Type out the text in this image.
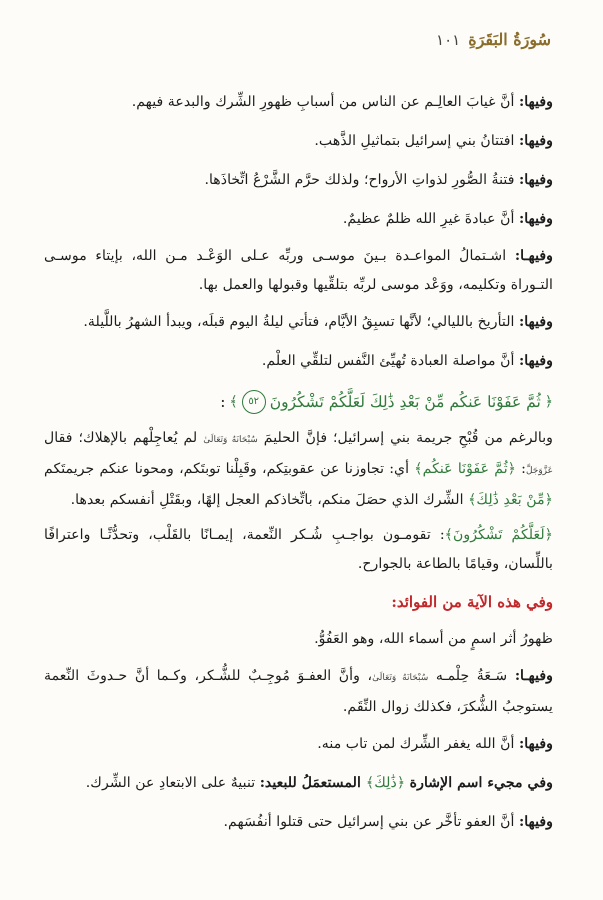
سُورَةُ البَقَرَةِ
١٠١

وفيها: أنَّ غيابَ العالِـم عن الناس من أسبابِ ظهورِ الشِّرك والبدعة فيهم.

وفيها: افتتانُ بني إسرائيل بتماثيلِ الذَّهب.

وفيها: فتنةُ الصُّورِ لذواتِ الأرواح؛ ولذلك حرَّم الشَّرْعُ اتِّخاذَها.

وفيها: أنَّ عبادةَ غيرِ الله ظلمٌ عظيمٌ.

وفيهـا: اشـتمالُ المواعـدة بـينَ موسـى وربِّه عـلى الوَعْـد مـن الله، بإيتاء موسـى التـوراة وتكليمه، ووَعْد موسى لربِّه بتلقِّيها وقبولها والعمل بها.

وفيها: التأريخ بالليالي؛ لأنَّها تسبِقُ الأيَّام، فتأتي ليلةُ اليوم قبلَه، ويبدأ الشهرُ باللَّيلة.

وفيها: أنَّ مواصلة العبادة تُهيِّئ النَّفس لتلقِّي العلْم.

﴿
ثُمَّ عَفَوْنَا عَنكُم مِّنْ بَعْدِ ذَٰلِكَ لَعَلَّكُمْ تَشْكُرُونَ
٥٢
﴾
:

وبالرغم من قُبْحِ جريمة بني إسرائيل؛ فإنَّ الحليمَ سُبْحَانَهُ وَتَعَالَىٰ لم يُعاجِلْهم بالإهلاك؛ فقال عَزَّوَجَلَّ: ﴿ثُمَّ عَفَوْنَا عَنكُم﴾ أي: تجاوزنا عن عقوبتِكم، وقَبِلْنا توبتَكم، ومحونا عنكم جريمتَكم ﴿مِّنْ بَعْدِ ذَٰلِكَ﴾ الشِّرك الذي حصَلَ منكم، باتِّخاذكم العجل إلهًا، وبقَتْلِ أنفسكم بعدها.

﴿لَعَلَّكُمْ تَشْكُرُونَ﴾: تقومـون بواجـبِ شُـكر النِّعمة، إيمـانًا بالقَلْب، وتحدُّثًـا واعترافًا باللِّسان، وقيامًا بالطاعة بالجوارح.

وفي هذه الآية من الفوائد:

ظهورُ أثر اسمٍ من أسماء الله، وهو العَفُوُّ.

وفيهـا: سَـعَةُ حِلْمـه سُبْحَانَهُ وَتَعَالَىٰ، وأنَّ العفـوَ مُوجِـبٌ للشُّـكر، وكـما أنَّ حـدوثَ النِّعمة يستوجبُ الشُّكرَ، فكذلك زوال النِّقَم.

وفيها: أنَّ الله يغفر الشِّرك لمن تاب منه.

وفي مجيء اسم الإشارة ﴿ذَٰلِكَ﴾ المستعمَلُ للبعيد: تنبيهٌ على الابتعادِ عن الشِّرك.

وفيها: أنَّ العفو تأخَّر عن بني إسرائيل حتى قتلوا أنفُسَهم.
